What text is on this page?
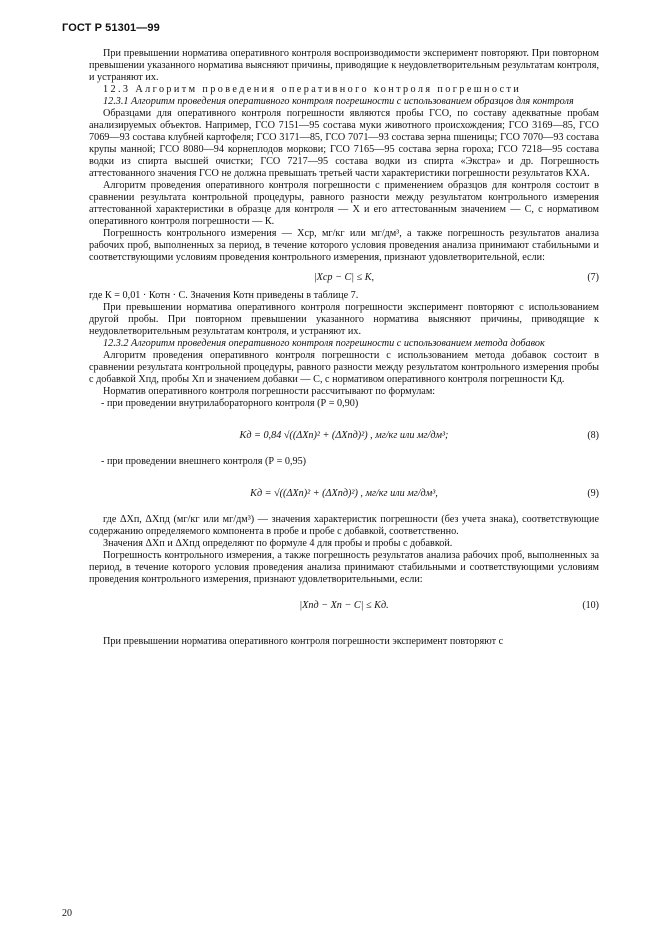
ГОСТ Р 51301—99

При превышении норматива оперативного контроля воспроизводимости эксперимент повторяют. При повторном превышении указанного норматива выясняют причины, приводящие к неудовлетворительным результатам контроля, и устраняют их.

12.3 Алгоритм проведения оперативного контроля погрешности

12.3.1 Алгоритм проведения оперативного контроля погрешности с использованием образцов для контроля

Образцами для оперативного контроля погрешности являются пробы ГСО, по составу адекватные пробам анализируемых объектов. Например, ГСО 7151—95 состава муки животного происхождения; ГСО 3169—85, ГСО 7069—93 состава клубней картофеля; ГСО 3171—85, ГСО 7071—93 состава зерна пшеницы; ГСО 7070—93 состава крупы манной; ГСО 8080—94 корнеплодов моркови; ГСО 7165—95 состава зерна гороха; ГСО 7218—95 состава водки из спирта высшей очистки; ГСО 7217—95 состава водки из спирта «Экстра» и др. Погрешность аттестованного значения ГСО не должна превышать третьей части характеристики погрешности результатов КХА.

Алгоритм проведения оперативного контроля погрешности с применением образцов для контроля состоит в сравнении результата контрольной процедуры, равного разности между результатом контрольного измерения аттестованной характеристики в образце для контроля — X и его аттестованным значением — С, с нормативом оперативного контроля погрешности — К.

Погрешность контрольного измерения — Xср, мг/кг или мг/дм³, а также погрешность результатов анализа рабочих проб, выполненных за период, в течение которого условия проведения анализа принимают стабильными и соответствующими условиям проведения контрольного измерения, признают удовлетворительной, если:

|Xср − C| ≤ K,	(7)

где К = 0,01 · Котн · С. Значения Котн приведены в таблице 7.

При превышении норматива оперативного контроля погрешности эксперимент повторяют с использованием другой пробы. При повторном превышении указанного норматива выясняют причины, приводящие к неудовлетворительным результатам контроля, и устраняют их.

12.3.2 Алгоритм проведения оперативного контроля погрешности с использованием метода добавок

Алгоритм проведения оперативного контроля погрешности с использованием метода добавок состоит в сравнении результата контрольной процедуры, равного разности между результатом контрольного измерения пробы с добавкой Xпд, пробы Xп и значением добавки — С, с нормативом оперативного контроля погрешности Кд.

Норматив оперативного контроля погрешности рассчитывают по формулам:

- при проведении внутрилабораторного контроля (Р = 0,90)

Kд = 0,84 √((ΔXп)² + (ΔXпд)²) , мг/кг или мг/дм³;	(8)

- при проведении внешнего контроля (Р = 0,95)

Kд = √((ΔXп)² + (ΔXпд)²) , мг/кг или мг/дм³,	(9)

где ΔXп, ΔXпд (мг/кг или мг/дм³) — значения характеристик погрешности (без учета знака), соответствующие содержанию определяемого компонента в пробе и пробе с добавкой, соответственно.

Значения ΔXп и ΔXпд определяют по формуле 4 для пробы и пробы с добавкой.

Погрешность контрольного измерения, а также погрешность результатов анализа рабочих проб, выполненных за период, в течение которого условия проведения анализа принимают стабильными и соответствующими условиям проведения контрольного измерения, признают удовлетворительными, если:

|Xпд − Xп − C| ≤ Kд.	(10)

При превышении норматива оперативного контроля погрешности эксперимент повторяют с

20
